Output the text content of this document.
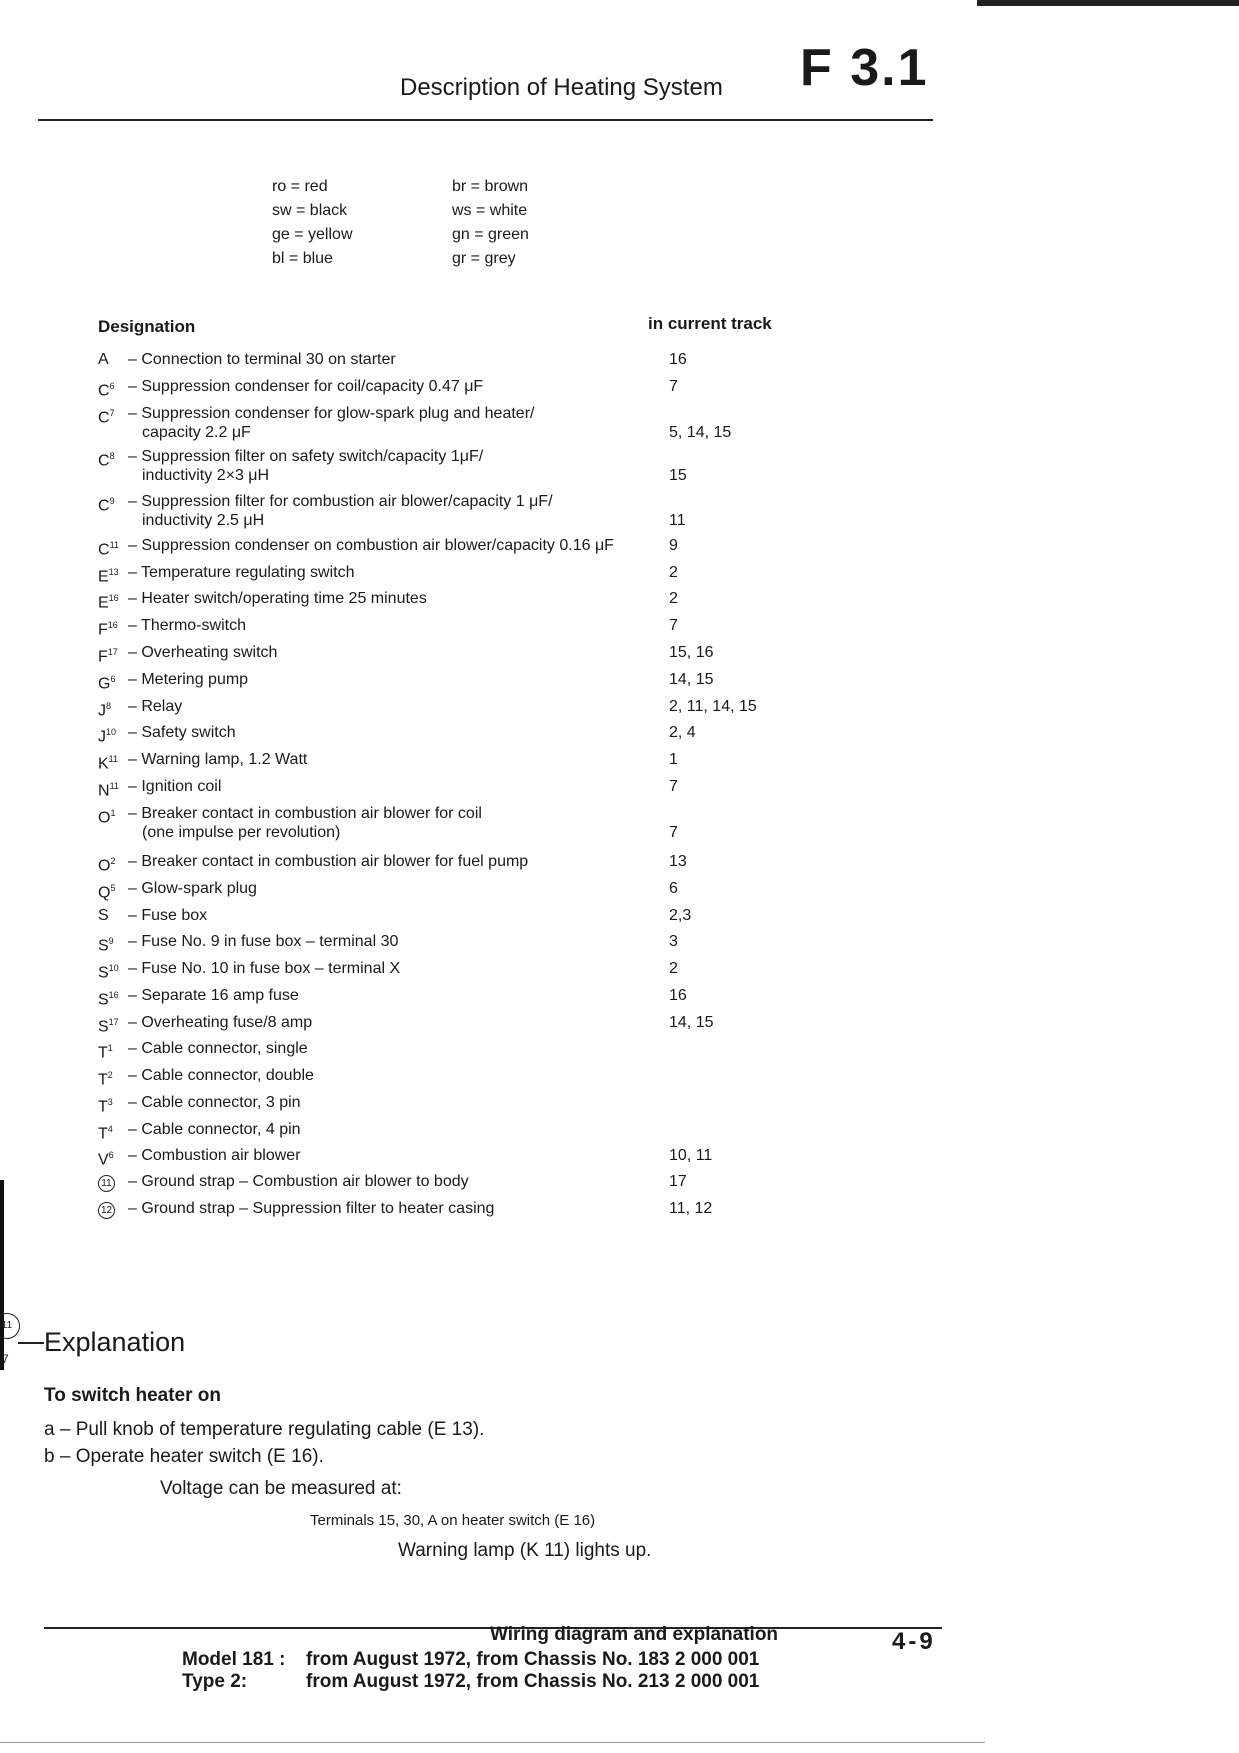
11
7
Description of Heating System F 3.1
ro = red	br = brown
sw = black	ws = white
ge = yellow	gn = green
bl = blue	gr = grey
Designation	in current track
A	– Connection to terminal 30 on starter	16
$C^6$ – Suppression condenser for coil/capacity 0.47 μF	7
$C^7$ – Suppression condenser for glow-spark plug and heater/
capacity 2.2 μF	5, 14, 15
$C^8$ – Suppression filter on safety switch/capacity 1μF/
inductivity 2×3 μH	15
$C^9$ – Suppression filter for combustion air blower/capacity 1 μF/
inductivity 2.5 μH	11
$C^{11}$ – Suppression condenser on combustion air blower/capacity 0.16 μF	9
$E^{13}$ – Temperature regulating switch	2
$E^{16}$ – Heater switch/operating time 25 minutes	2
$F^{16}$ – Thermo-switch	7
$F^{17}$ – Overheating switch	15, 16
$G^6$ – Metering pump	14, 15
$J^8$	– Relay	2, 11, 14, 15
$J^{10}$ – Safety switch	2, 4
$K^{11}$ – Warning lamp, 1.2 Watt	1
$N^{11}$ – Ignition coil	7
$O^1$ – Breaker contact in combustion air blower for coil
(one impulse per revolution)	7
$O^2$ – Breaker contact in combustion air blower for fuel pump	13
$Q^5$ – Glow-spark plug	6
S	– Fuse box	2,3
$S^9$ – Fuse No. 9 in fuse box – terminal 30	3
$S^{10}$ – Fuse No. 10 in fuse box – terminal X	2
$S^{16}$ – Separate 16 amp fuse	16
$S^{17}$ – Overheating fuse/8 amp	14, 15
$T^1$ – Cable connector, single
$T^2$ – Cable connector, double
$T^3$ – Cable connector, 3 pin
$T^4$ – Cable connector, 4 pin
$V^6$ – Combustion air blower	10, 11
11	– Ground strap – Combustion air blower to body	17
12 – Ground strap – Suppression filter to heater casing	11, 12
Explanation
To switch heater on
a – Pull knob of temperature regulating cable (E 13).
b – Operate heater switch (E 16).
Voltage can be measured at:
Terminals 15, 30, A on heater switch (E 16)
Warning lamp (K 11) lights up.
Wiring diagram and explanation	4-9
Model 181 : from August 1972, from Chassis No. 183 2 000 001
Type 2:	from August 1972, from Chassis No. 213 2 000 001
